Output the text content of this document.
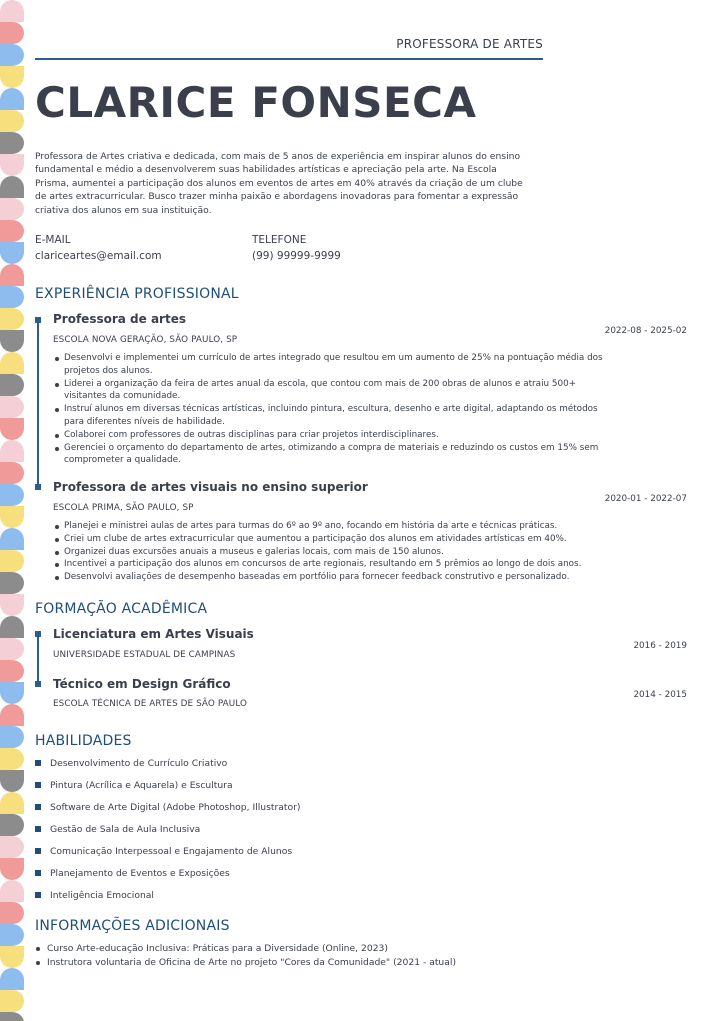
PROFESSORA DE ARTES
CLARICE FONSECA

Professora de Artes criativa e dedicada, com mais de 5 anos de experiência em inspirar alunos do ensino fundamental e médio a desenvolverem suas habilidades artísticas e apreciação pela arte. Na Escola Prisma, aumentei a participação dos alunos em eventos de artes em 40% através da criação de um clube de artes extracurricular. Busco trazer minha paixão e abordagens inovadoras para fomentar a expressão criativa dos alunos em sua instituição.

E-MAIL
clariceartes@email.com
TELEFONE
(99) 99999-9999
EXPERIÊNCIA PROFISSIONAL
Professora de artes
ESCOLA NOVA GERAÇÃO, SÃO PAULO, SP
2022-08 - 2025-02
Desenvolvi e implementei um currículo de artes integrado que resultou em um aumento de 25% na pontuação média dos projetos dos alunos.
Liderei a organização da feira de artes anual da escola, que contou com mais de 200 obras de alunos e atraiu 500+ visitantes da comunidade.
Instruí alunos em diversas técnicas artísticas, incluindo pintura, escultura, desenho e arte digital, adaptando os métodos para diferentes níveis de habilidade.
Colaborei com professores de outras disciplinas para criar projetos interdisciplinares.
Gerenciei o orçamento do departamento de artes, otimizando a compra de materiais e reduzindo os custos em 15% sem comprometer a qualidade.
Professora de artes visuais no ensino superior
ESCOLA PRIMA, SÃO PAULO, SP
2020-01 - 2022-07
Planejei e ministrei aulas de artes para turmas do 6º ao 9º ano, focando em história da arte e técnicas práticas.
Criei um clube de artes extracurricular que aumentou a participação dos alunos em atividades artísticas em 40%.
Organizei duas excursões anuais a museus e galerias locais, com mais de 150 alunos.
Incentivei a participação dos alunos em concursos de arte regionais, resultando em 5 prêmios ao longo de dois anos.
Desenvolvi avaliações de desempenho baseadas em portfólio para fornecer feedback construtivo e personalizado.
FORMAÇÃO ACADÊMICA
Licenciatura em Artes Visuais
UNIVERSIDADE ESTADUAL DE CAMPINAS
2016 - 2019
Técnico em Design Gráfico
ESCOLA TÉCNICA DE ARTES DE SÃO PAULO
2014 - 2015
HABILIDADES
Desenvolvimento de Currículo Criativo
Pintura (Acrílica e Aquarela) e Escultura
Software de Arte Digital (Adobe Photoshop, Illustrator)
Gestão de Sala de Aula Inclusiva
Comunicação Interpessoal e Engajamento de Alunos
Planejamento de Eventos e Exposições
Inteligência Emocional
INFORMAÇÕES ADICIONAIS
Curso Arte-educação Inclusiva: Práticas para a Diversidade (Online, 2023)
Instrutora voluntaria de Oficina de Arte no projeto "Cores da Comunidade" (2021 - atual)
